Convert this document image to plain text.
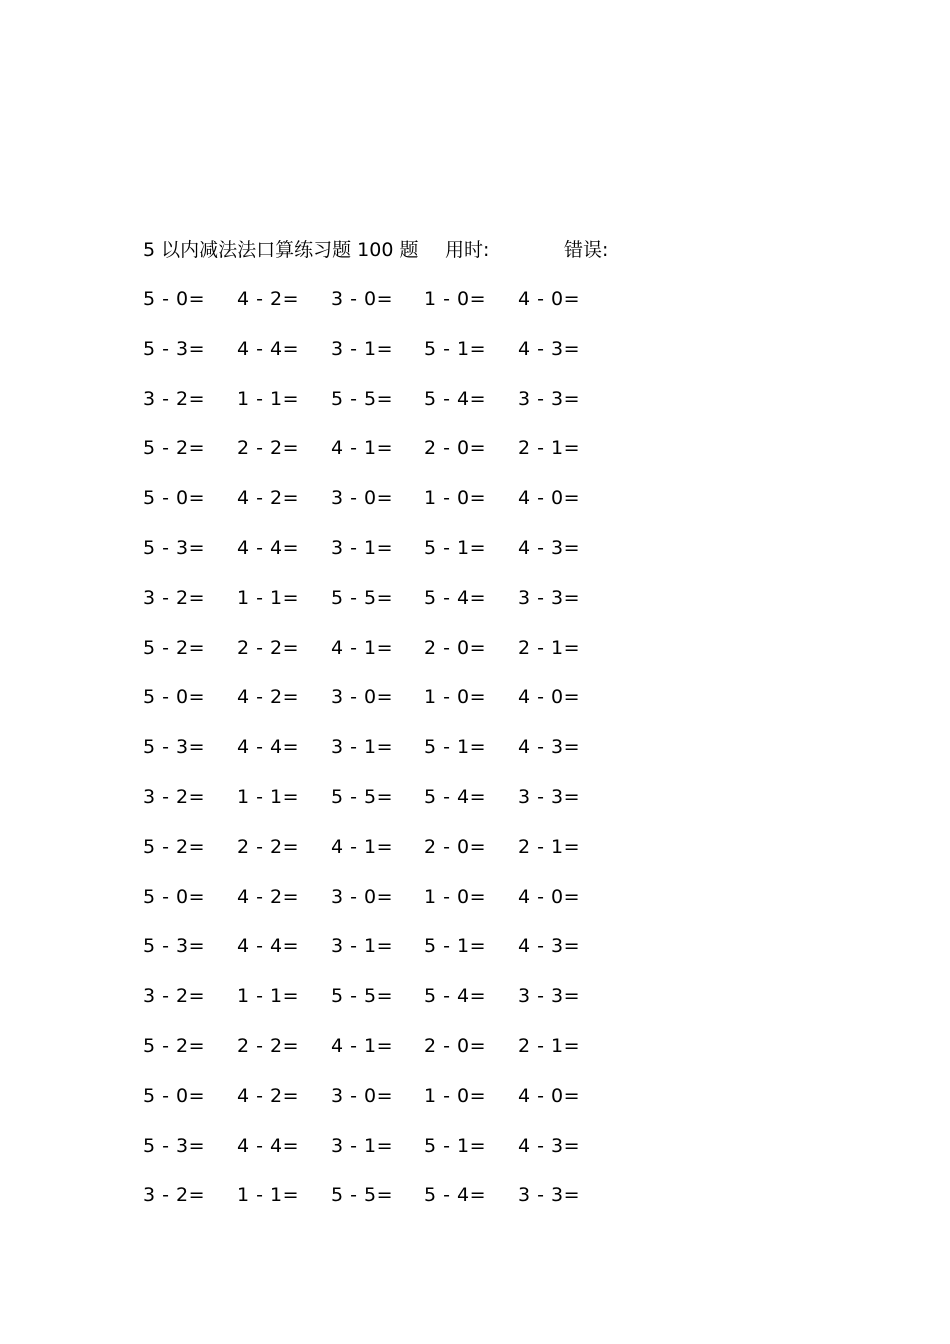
5 以内减法法口算练习题 100 题 用时:	错误:
5 - 0= 4 - 2= 3 - 0= 1 - 0= 4 - 0=
5 - 3= 4 - 4= 3 - 1= 5 - 1= 4 - 3=
3 - 2= 1 - 1= 5 - 5= 5 - 4= 3 - 3=
5 - 2= 2 - 2= 4 - 1= 2 - 0= 2 - 1=
5 - 0= 4 - 2= 3 - 0= 1 - 0= 4 - 0=
5 - 3= 4 - 4= 3 - 1= 5 - 1= 4 - 3=
3 - 2= 1 - 1= 5 - 5= 5 - 4= 3 - 3=
5 - 2= 2 - 2= 4 - 1= 2 - 0= 2 - 1=
5 - 0= 4 - 2= 3 - 0= 1 - 0= 4 - 0=
5 - 3= 4 - 4= 3 - 1= 5 - 1= 4 - 3=
3 - 2= 1 - 1= 5 - 5= 5 - 4= 3 - 3=
5 - 2= 2 - 2= 4 - 1= 2 - 0= 2 - 1=
5 - 0= 4 - 2= 3 - 0= 1 - 0= 4 - 0=
5 - 3= 4 - 4= 3 - 1= 5 - 1= 4 - 3=
3 - 2= 1 - 1= 5 - 5= 5 - 4= 3 - 3=
5 - 2= 2 - 2= 4 - 1= 2 - 0= 2 - 1=
5 - 0= 4 - 2= 3 - 0= 1 - 0= 4 - 0=
5 - 3= 4 - 4= 3 - 1= 5 - 1= 4 - 3=
3 - 2= 1 - 1= 5 - 5= 5 - 4= 3 - 3=
